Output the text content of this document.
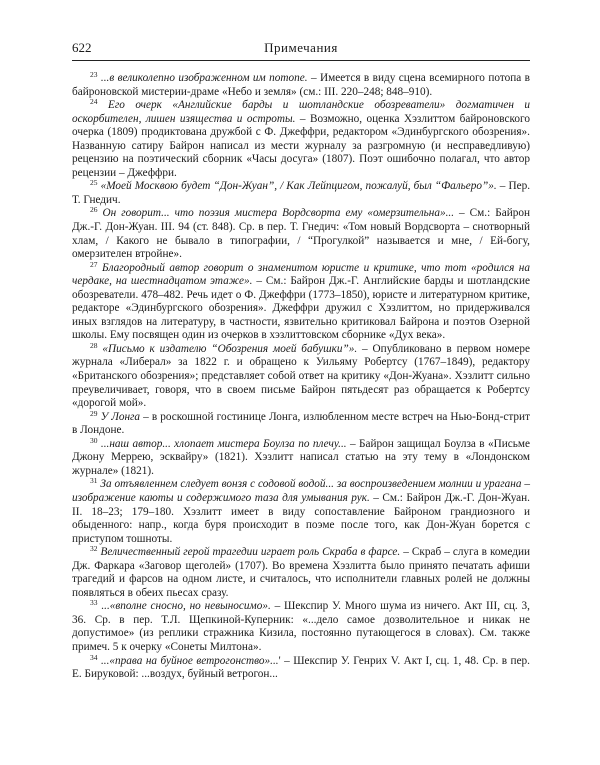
622	Примечания

$^{23}$ ...в великолепно изображенном им потопе. – Имеется в виду сцена всемирного потопа в байроновской мистерии-драме «Небо и земля» (см.: III. 220–248; 848–910).

$^{24}$ Его очерк «Английские барды и шотландские обозреватели» догматичен и оскорбителен, лишен изящества и остроты. – Возможно, оценка Хэзлиттом байроновского очерка (1809) продиктована дружбой с Ф. Джеффри, редактором «Эдинбургского обозрения». Названную сатиру Байрон написал из мести журналу за разгромную (и несправедливую) рецензию на поэтический сборник «Часы досуга» (1807). Поэт ошибочно полагал, что автор рецензии – Джеффри.

$^{25}$ «Моей Москвою будет “Дон-Жуан”, / Как Лейпцигом, пожалуй, был “Фальеро”». – Пер. Т. Гнедич.

$^{26}$ Он говорит... что поэзия мистера Вордсворта ему «омерзительна»... – См.: Байрон Дж.-Г. Дон-Жуан. III. 94 (ст. 848). Ср. в пер. Т. Гнедич: «Том новый Вордсворта – снотворный хлам, / Какого не бывало в типографии, / “Прогулкой” называется и мне, / Ей-богу, омерзителен втройне».

$^{27}$ Благородный автор говорит о знаменитом юристе и критике, что тот «родился на чердаке, на шестнадцатом этаже». – См.: Байрон Дж.-Г. Английские барды и шотландские обозреватели. 478–482. Речь идет о Ф. Джеффри (1773–1850), юристе и литературном критике, редакторе «Эдинбургского обозрения». Джеффри дружил с Хэзлиттом, но придерживался иных взглядов на литературу, в частности, язвительно критиковал Байрона и поэтов Озерной школы. Ему посвящен один из очерков в хэзлиттовском сборнике «Дух века».

$^{28}$ «Письмо к издателю “Обозрения моей бабушки”». – Опубликовано в первом номере журнала «Либерал» за 1822 г. и обращено к Уильяму Робертсу (1767–1849), редактору «Британского обозрения»; представляет собой ответ на критику «Дон-Жуана». Хэзлитт сильно преувеличивает, говоря, что в своем письме Байрон пятьдесят раз обращается к Робертсу «дорогой мой».

$^{29}$ У Лонга – в роскошной гостинице Лонга, излюбленном месте встреч на Нью-Бонд-стрит в Лондоне.

$^{30}$ ...наш автор... хлопает мистера Боулза по плечу... – Байрон защищал Боулза в «Письме Джону Меррею, эсквайру» (1821). Хэзлитт написал статью на эту тему в «Лондонском журнале» (1821).

$^{31}$ За отъявленнем следует вонзя с содовой водой... за воспроизведением молнии и урагана – изображение каюты и содержимого таза для умывания рук. – См.: Байрон Дж.-Г. Дон-Жуан. II. 18–23; 179–180. Хэзлитт имеет в виду сопоставление Байроном грандиозного и обыденного: напр., когда буря происходит в поэме после того, как Дон-Жуан борется с приступом тошноты.

$^{32}$ Величественный герой трагедии играет роль Скраба в фарсе. – Скраб – слуга в комедии Дж. Фаркара «Заговор щеголей» (1707). Во времена Хэзлитта было принято печатать афиши трагедий и фарсов на одном листе, и считалось, что исполнители главных ролей не должны появляться в обеих пьесах сразу.

$^{33}$ ...«вполне сносно, но невыносимо». – Шекспир У. Много шума из ничего. Акт III, сц. 3, 36. Ср. в пер. Т.Л. Щепкиной-Куперник: «...дело самое дозволительное и никак не допустимое» (из реплики стражника Кизила, постоянно путающегося в словах). См. также примеч. 5 к очерку «Сонеты Милтона».

$^{34}$ ...«права на буйное ветрогонство»...' – Шекспир У. Генрих V. Акт I, сц. 1, 48. Ср. в пер. Е. Бируковой: ...воздух, буйный ветрогон...
